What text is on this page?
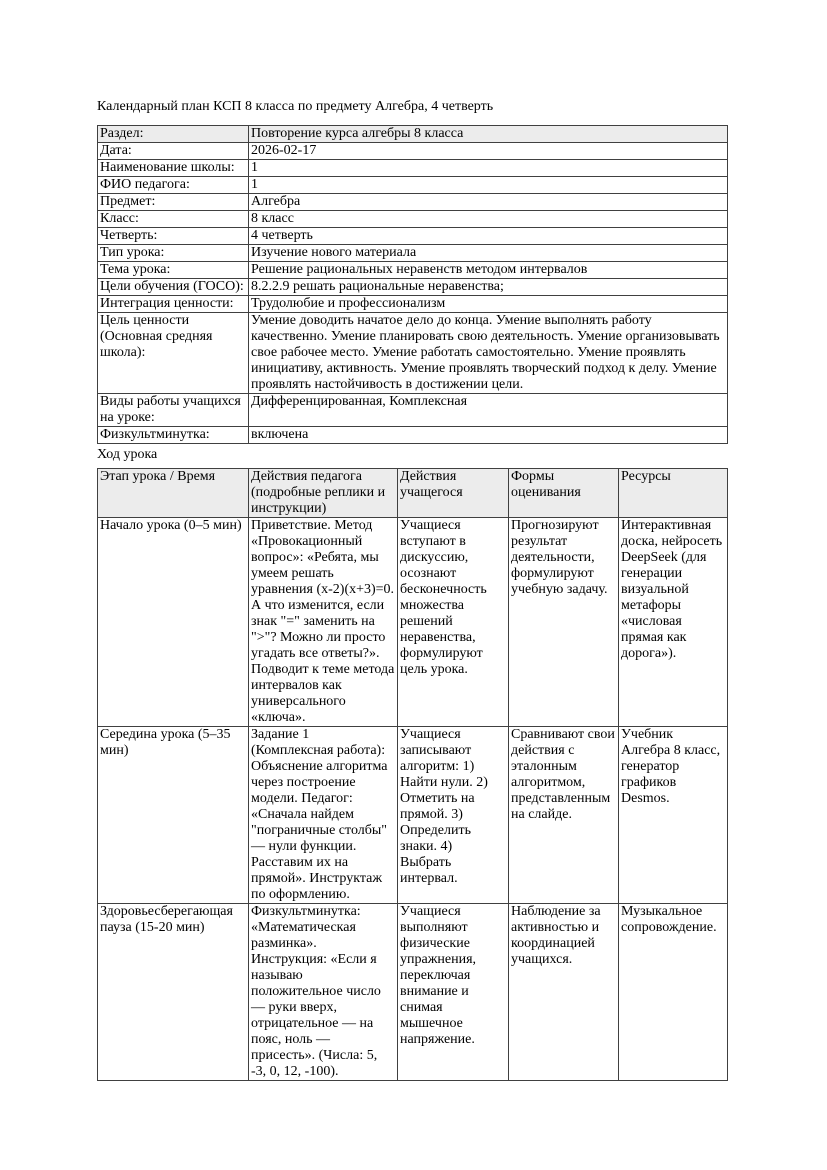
Календарный план КСП 8 класса по предмету Алгебра, 4 четверть
Раздел:	Повторение курса алгебры 8 класса
Дата:	2026-02-17
Наименование школы:	1
ФИО педагога:	1
Предмет:	Алгебра
Класс:	8 класс
Четверть:	4 четверть
Тип урока:	Изучение нового материала
Тема урока:	Решение рациональных неравенств методом интервалов
Цели обучения (ГОСО):	8.2.2.9 решать рациональные неравенства;
Интеграция ценности:	Трудолюбие и профессионализм
Цель ценности (Основная средняя школа):	Умение доводить начатое дело до конца. Умение выполнять работу качественно. Умение планировать свою деятельность. Умение организовывать свое рабочее место. Умение работать самостоятельно. Умение проявлять инициативу, активность. Умение проявлять творческий подход к делу. Умение проявлять настойчивость в достижении цели.
Виды работы учащихся на уроке:	Дифференцированная, Комплексная
Физкультминутка:	включена
Ход урока
Этап урока / Время	Действия педагога (подробные реплики и инструкции)	Действия учащегося	Формы оценивания	Ресурсы
Начало урока (0–5 мин)	Приветствие. Метод «Провокационный вопрос»: «Ребята, мы умеем решать уравнения (x-2)(x+3)=0. А что изменится, если знак "=" заменить на ">"? Можно ли просто угадать все ответы?». Подводит к теме метода интервалов как универсального «ключа».	Учащиеся вступают в дискуссию, осознают бесконечность множества решений неравенства, формулируют цель урока.	Прогнозируют результат деятельности, формулируют учебную задачу.	Интерактивная доска, нейросеть DeepSeek (для генерации визуальной метафоры «числовая прямая как дорога»).
Середина урока (5–35 мин)	Задание 1 (Комплексная работа): Объяснение алгоритма через построение модели. Педагог: «Сначала найдем "пограничные столбы" — нули функции. Расставим их на прямой». Инструктаж по оформлению.	Учащиеся записывают алгоритм: 1) Найти нули. 2) Отметить на прямой. 3) Определить знаки. 4) Выбрать интервал.	Сравнивают свои действия с эталонным алгоритмом, представленным на слайде.	Учебник Алгебра 8 класс, генератор графиков Desmos.
Здоровьесберегающая пауза (15-20 мин)	Физкультминутка: «Математическая разминка». Инструкция: «Если я называю положительное число — руки вверх, отрицательное — на пояс, ноль — присесть». (Числа: 5, -3, 0, 12, -100).	Учащиеся выполняют физические упражнения, переключая внимание и снимая мышечное напряжение.	Наблюдение за активностью и координацией учащихся.	Музыкальное сопровождение.
